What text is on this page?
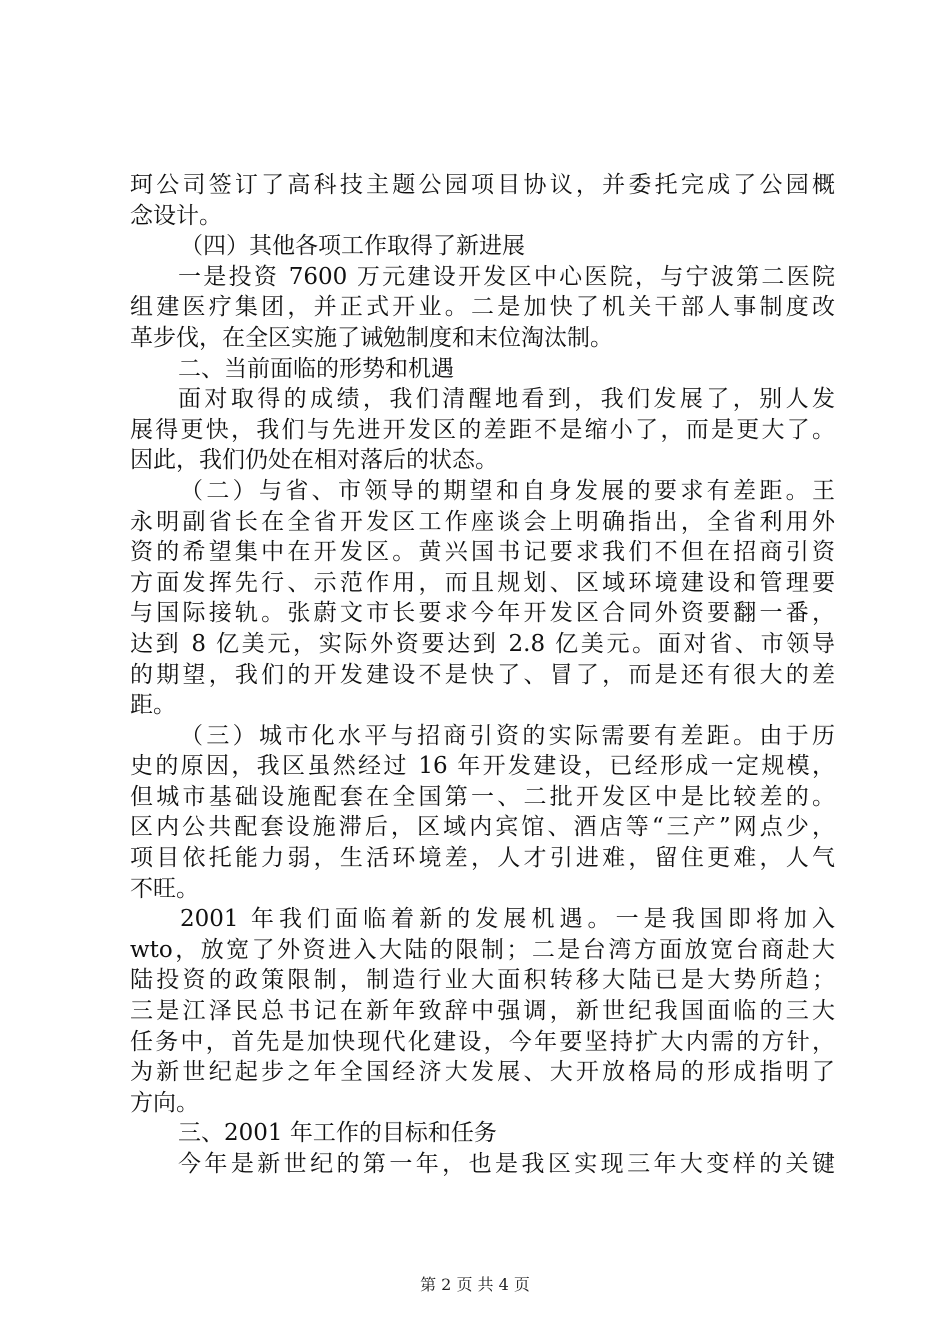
珂公司签订了高科技主题公园项目协议，并委托完成了公园概
念设计。
（四）其他各项工作取得了新进展
一是投资 7600 万元建设开发区中心医院，与宁波第二医院
组建医疗集团，并正式开业。二是加快了机关干部人事制度改
革步伐，在全区实施了诫勉制度和末位淘汰制。
二、当前面临的形势和机遇
面对取得的成绩，我们清醒地看到，我们发展了，别人发
展得更快，我们与先进开发区的差距不是缩小了，而是更大了。
因此，我们仍处在相对落后的状态。
（二）与省、市领导的期望和自身发展的要求有差距。王
永明副省长在全省开发区工作座谈会上明确指出，全省利用外
资的希望集中在开发区。黄兴国书记要求我们不但在招商引资
方面发挥先行、示范作用，而且规划、区域环境建设和管理要
与国际接轨。张蔚文市长要求今年开发区合同外资要翻一番，
达到 8 亿美元，实际外资要达到 2.8 亿美元。面对省、市领导
的期望，我们的开发建设不是快了、冒了，而是还有很大的差
距。
（三）城市化水平与招商引资的实际需要有差距。由于历
史的原因，我区虽然经过 16 年开发建设，已经形成一定规模，
但城市基础设施配套在全国第一、二批开发区中是比较差的。
区内公共配套设施滞后，区域内宾馆、酒店等“三产”网点少，
项目依托能力弱，生活环境差，人才引进难，留住更难，人气
不旺。
2001 年我们面临着新的发展机遇。一是我国即将加入
wto，放宽了外资进入大陆的限制；二是台湾方面放宽台商赴大
陆投资的政策限制，制造行业大面积转移大陆已是大势所趋；
三是江泽民总书记在新年致辞中强调，新世纪我国面临的三大
任务中，首先是加快现代化建设，今年要坚持扩大内需的方针，
为新世纪起步之年全国经济大发展、大开放格局的形成指明了
方向。
三、2001 年工作的目标和任务
今年是新世纪的第一年，也是我区实现三年大变样的关键
第 2 页 共 4 页
